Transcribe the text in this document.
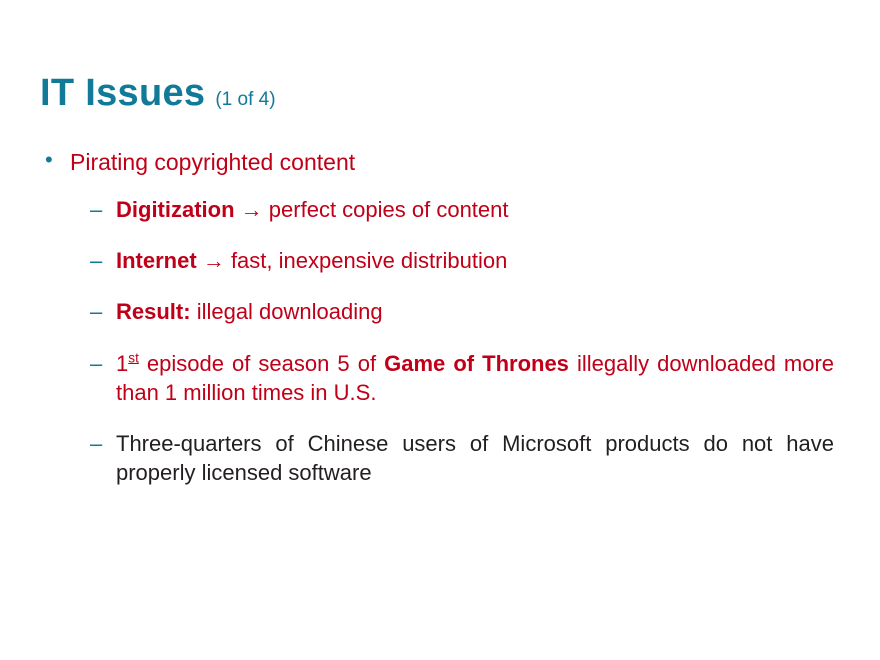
IT Issues (1 of 4)
• Pirating copyrighted content
– Digitization → perfect copies of content
– Internet → fast, inexpensive distribution
– Result: illegal downloading
– 1st episode of season 5 of Game of Thrones illegally downloaded more than 1 million times in U.S.
– Three-quarters of Chinese users of Microsoft products do not have properly licensed software
